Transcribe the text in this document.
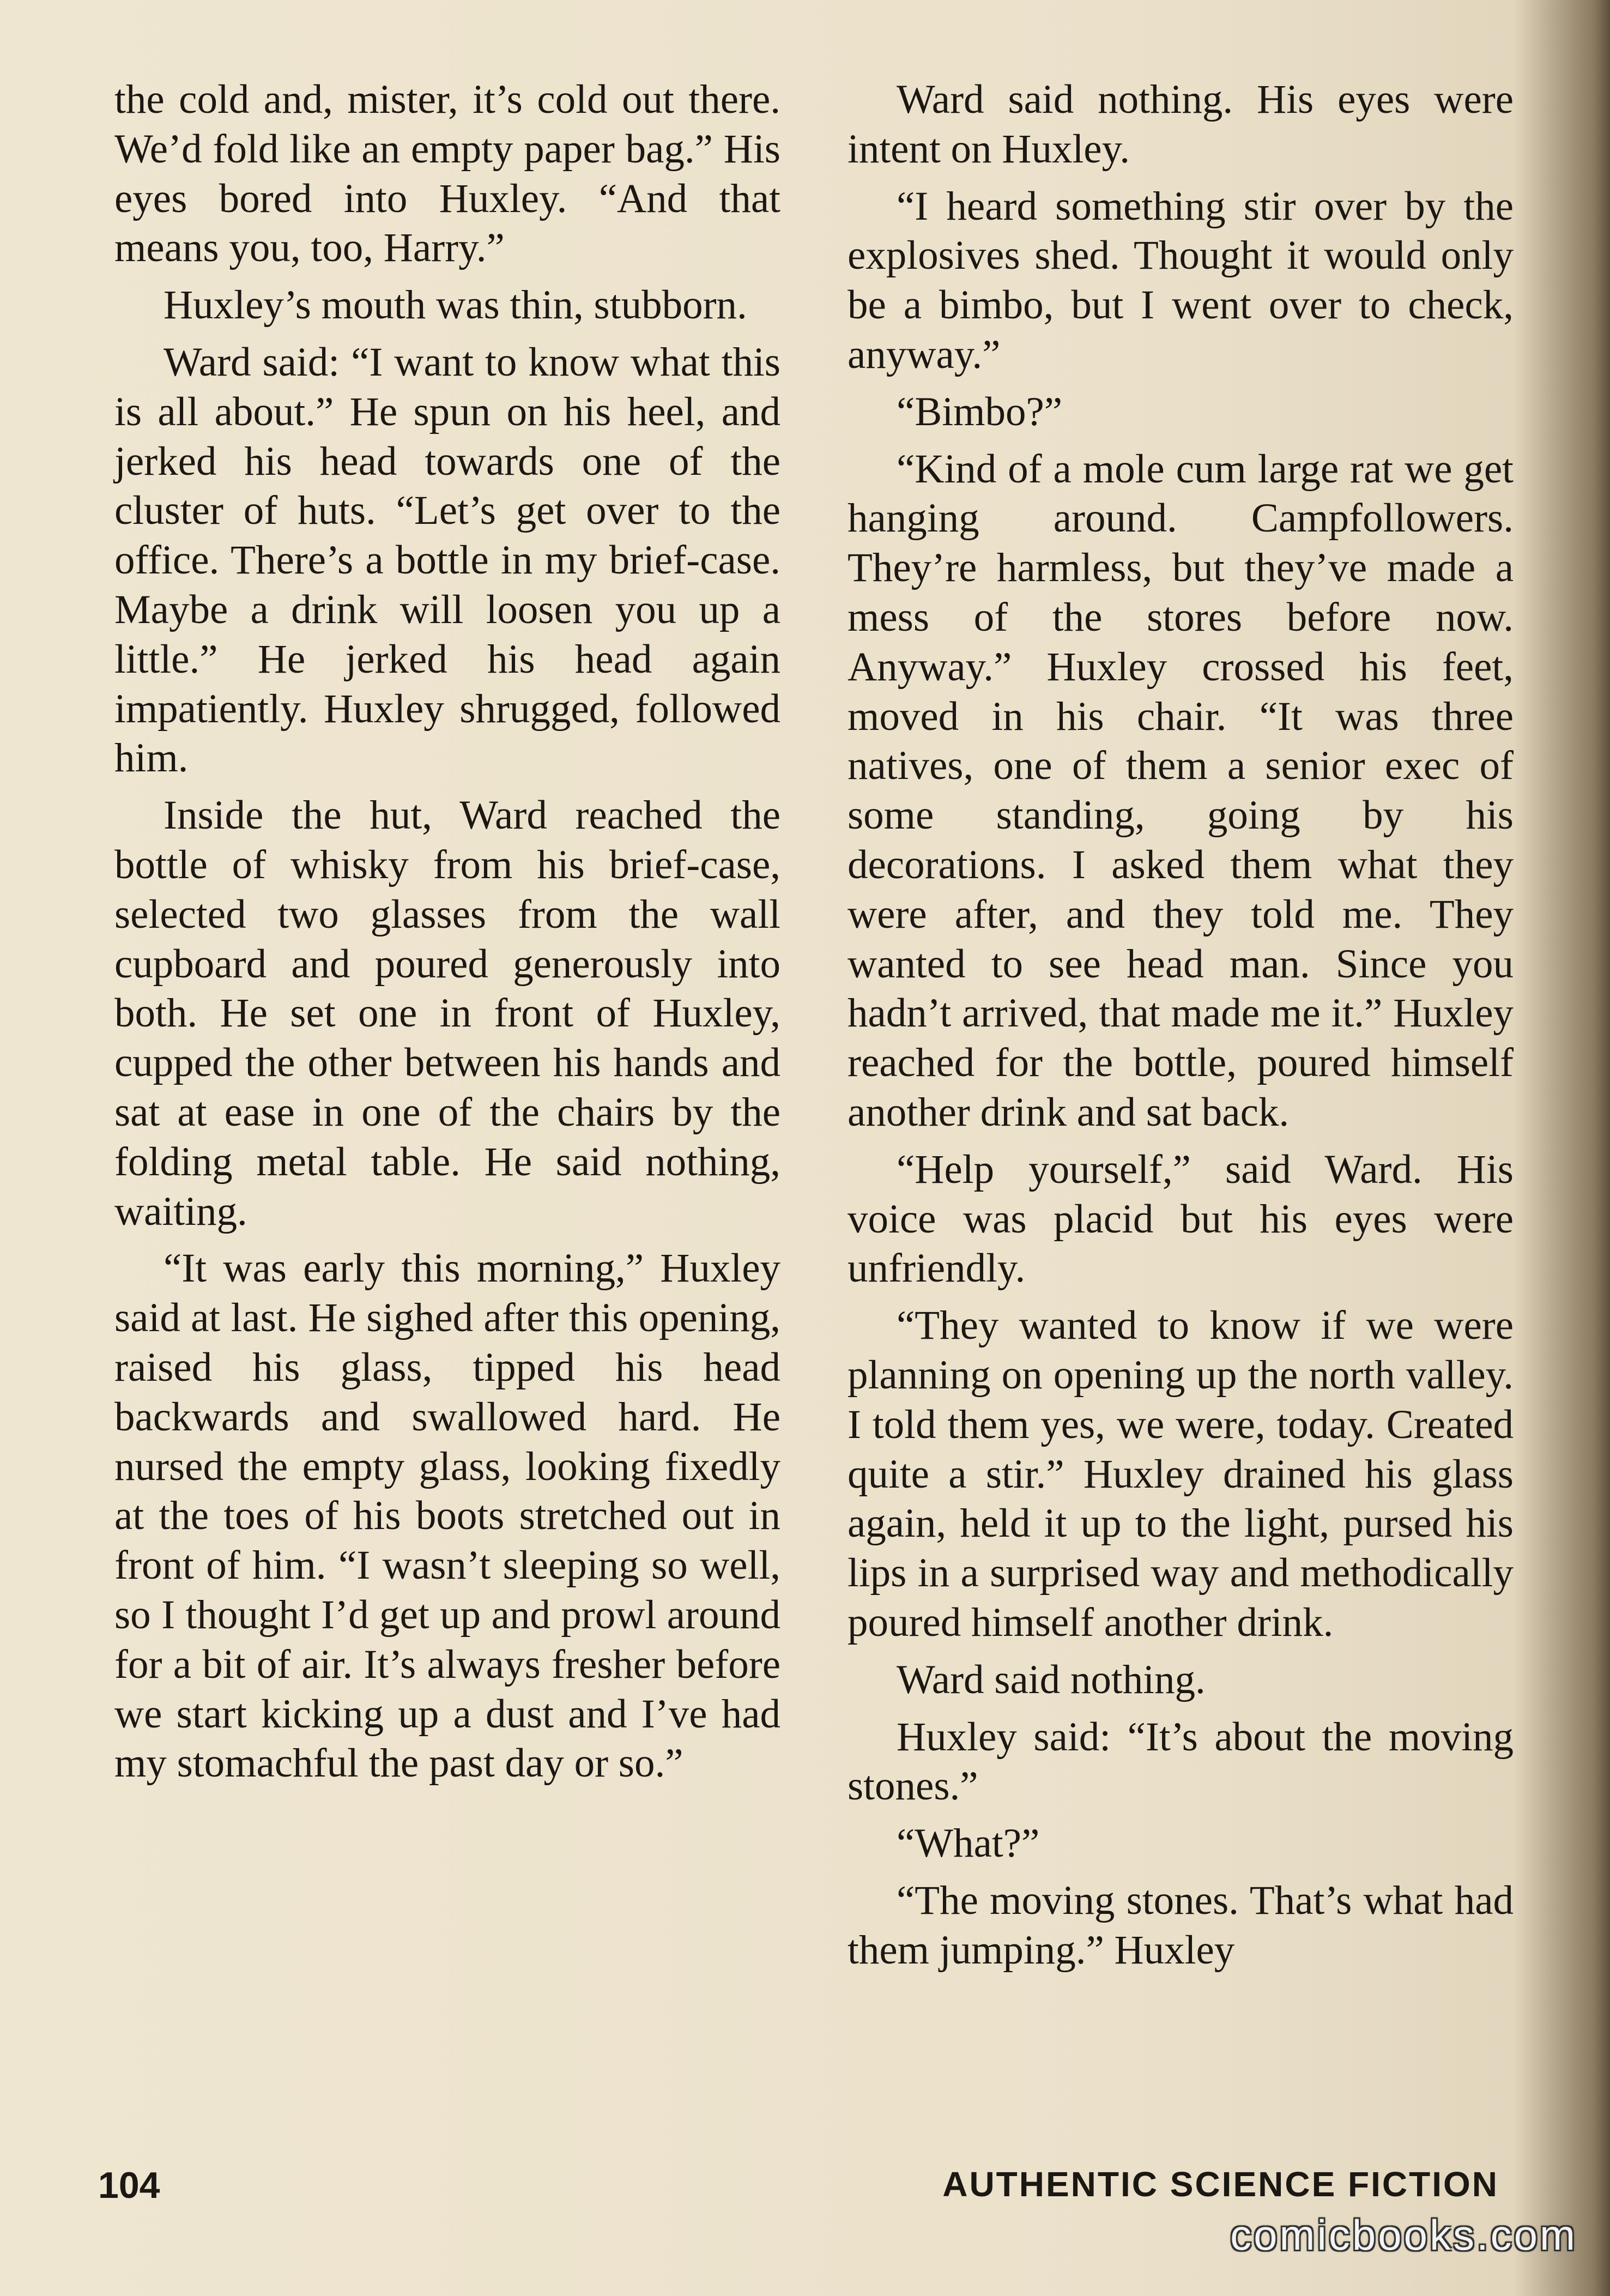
the cold and, mister, it’s cold out there. We’d fold like an empty paper bag.” His eyes bored into Huxley. “And that means you, too, Harry.”

Huxley’s mouth was thin, stubborn.

Ward said: “I want to know what this is all about.” He spun on his heel, and jerked his head towards one of the cluster of huts. “Let’s get over to the office. There’s a bottle in my brief-case. Maybe a drink will loosen you up a little.” He jerked his head again impatiently. Huxley shrugged, followed him.

Inside the hut, Ward reached the bottle of whisky from his brief-case, selected two glasses from the wall cupboard and poured generously into both. He set one in front of Huxley, cupped the other between his hands and sat at ease in one of the chairs by the folding metal table. He said nothing, waiting.

“It was early this morning,” Huxley said at last. He sighed after this opening, raised his glass, tipped his head backwards and swallowed hard. He nursed the empty glass, looking fixedly at the toes of his boots stretched out in front of him. “I wasn’t sleeping so well, so I thought I’d get up and prowl around for a bit of air. It’s always fresher before we start kicking up a dust and I’ve had my stomachful the past day or so.”

Ward said nothing. His eyes were intent on Huxley.

“I heard something stir over by the explosives shed. Thought it would only be a bimbo, but I went over to check, anyway.”

“Bimbo?”

“Kind of a mole cum large rat we get hanging around. Campfollowers. They’re harmless, but they’ve made a mess of the stores before now. Anyway.” Huxley crossed his feet, moved in his chair. “It was three natives, one of them a senior exec of some standing, going by his decorations. I asked them what they were after, and they told me. They wanted to see head man. Since you hadn’t arrived, that made me it.” Huxley reached for the bottle, poured himself another drink and sat back.

“Help yourself,” said Ward. His voice was placid but his eyes were unfriendly.

“They wanted to know if we were planning on opening up the north valley. I told them yes, we were, today. Created quite a stir.” Huxley drained his glass again, held it up to the light, pursed his lips in a surprised way and methodically poured himself another drink.

Ward said nothing.

Huxley said: “It’s about the moving stones.”

“What?”

“The moving stones. That’s what had them jumping.” Huxley

104	AUTHENTIC SCIENCE FICTION
comicbooks.com
